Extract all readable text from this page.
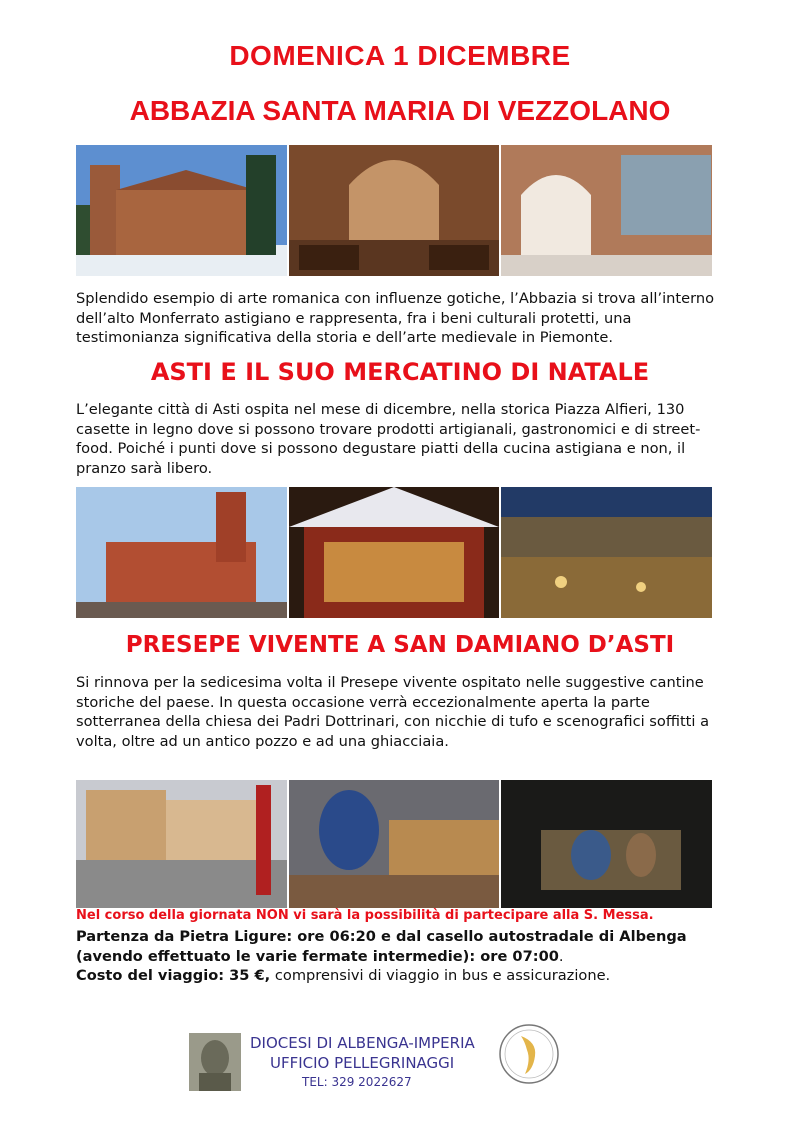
DOMENICA 1 DICEMBRE
ABBAZIA SANTA MARIA DI VEZZOLANO

Splendido esempio di arte romanica con influenze gotiche, l’Abbazia si trova all’interno dell’alto Monferrato astigiano e rappresenta, fra i beni culturali protetti, una testimonianza significativa della storia e dell’arte medievale in Piemonte.

ASTI E IL SUO MERCATINO DI NATALE

L’elegante città di Asti ospita nel mese di dicembre, nella storica Piazza Alfieri, 130 casette in legno dove si possono trovare prodotti artigianali, gastronomici e di street-food. Poiché i punti dove si possono degustare piatti della cucina astigiana e non, il pranzo sarà libero.

PRESEPE VIVENTE A SAN DAMIANO D’ASTI

Si rinnova per la sedicesima volta il Presepe vivente ospitato nelle suggestive cantine storiche del paese. In questa occasione verrà eccezionalmente aperta la parte sotterranea della chiesa dei Padri Dottrinari, con nicchie di tufo e scenografici soffitti a volta, oltre ad un antico pozzo e ad una ghiacciaia.

Nel corso della giornata NON vi sarà la possibilità di partecipare alla S. Messa.

Partenza da Pietra Ligure: ore 06:20 e dal casello autostradale di Albenga (avendo effettuato le varie fermate intermedie): ore 07:00.
Costo del viaggio: 35 €, comprensivi di viaggio in bus e assicurazione.

DIOCESI DI ALBENGA-IMPERIA
UFFICIO PELLEGRINAGGI
TEL: 329 2022627
